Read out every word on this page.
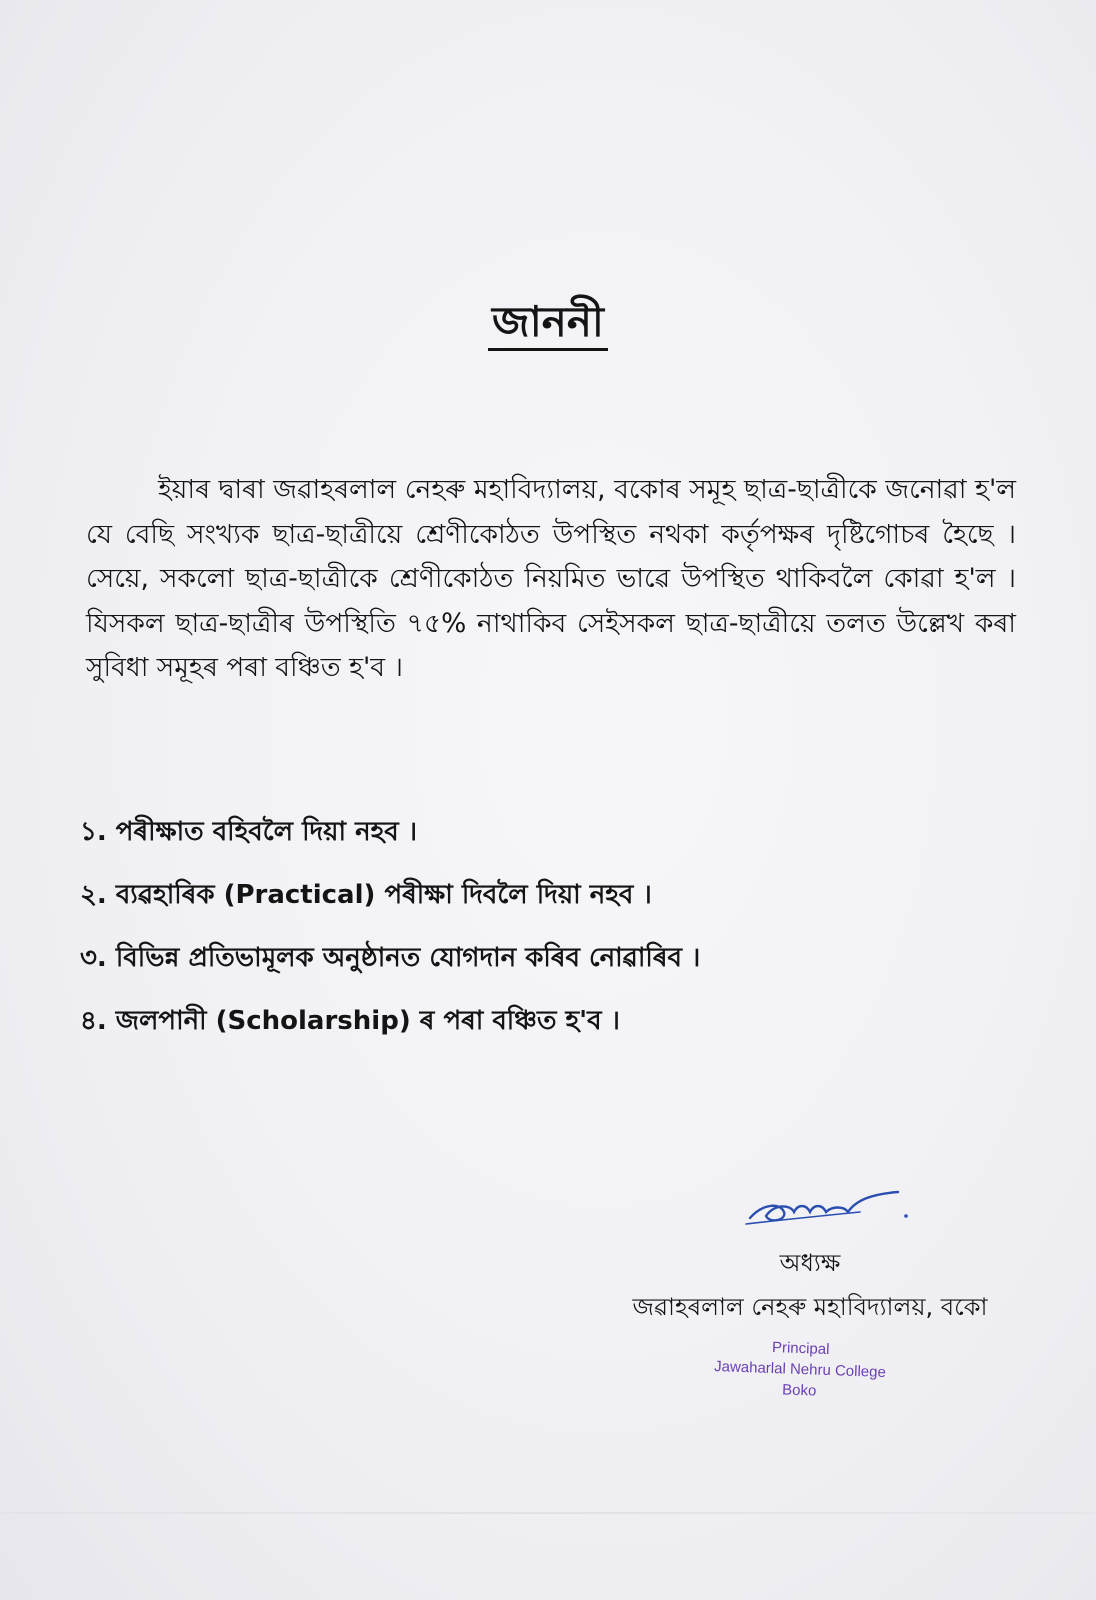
জাননী

ইয়াৰ দ্বাৰা জৱাহৰলাল নেহৰু মহাবিদ্যালয়, বকোৰ সমূহ ছাত্ৰ-ছাত্ৰীকে জনোৱা হ'ল যে বেছি সংখ্যক ছাত্ৰ-ছাত্ৰীয়ে শ্ৰেণীকোঠত উপস্থিত নথকা কৰ্তৃপক্ষৰ দৃষ্টিগোচৰ হৈছে । সেয়ে, সকলো ছাত্ৰ-ছাত্ৰীকে শ্ৰেণীকোঠত নিয়মিত ভাৱে উপস্থিত থাকিবলৈ কোৱা হ'ল । যিসকল ছাত্ৰ-ছাত্ৰীৰ উপস্থিতি ৭৫% নাথাকিব সেইসকল ছাত্ৰ-ছাত্ৰীয়ে তলত উল্লেখ কৰা সুবিধা সমূহৰ পৰা বঞ্চিত হ'ব ।

১. পৰীক্ষাত বহিবলৈ দিয়া নহব ।
২. ব্যৱহাৰিক (Practical) পৰীক্ষা দিবলৈ দিয়া নহব ।
৩. বিভিন্ন প্ৰতিভামূলক অনুষ্ঠানত যোগদান কৰিব নোৱাৰিব ।
৪. জলপানী (Scholarship) ৰ পৰা বঞ্চিত হ'ব ।
অধ্যক্ষ
জৱাহৰলাল নেহৰু মহাবিদ্যালয়, বকো
Principal
Jawaharlal Nehru College
Boko
